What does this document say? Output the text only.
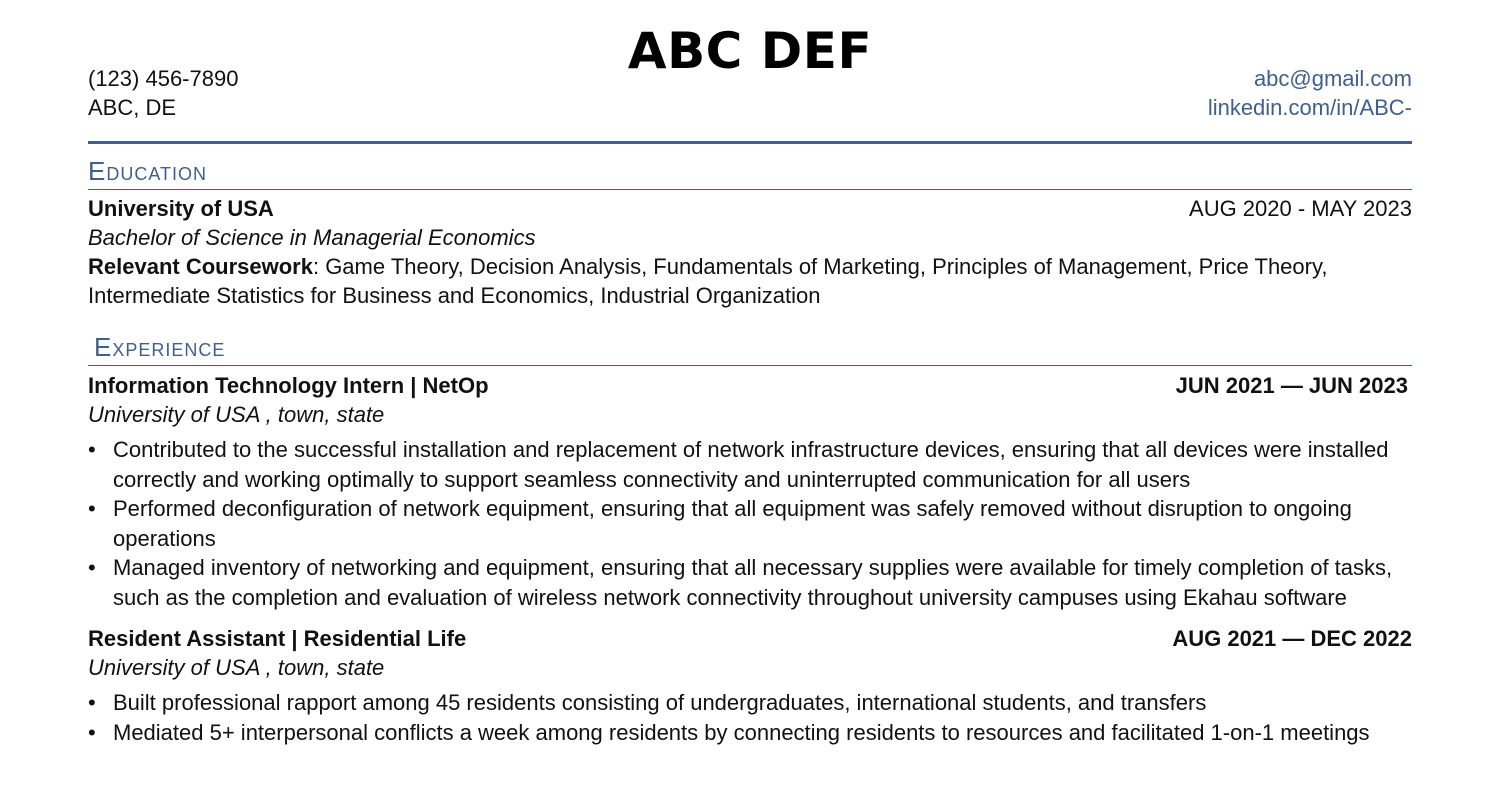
ABC DEF
(123) 456-7890
ABC, DE
abc@gmail.com
linkedin.com/in/ABC-
Education
University of USA	AUG 2020 - MAY 2023
Bachelor of Science in Managerial Economics
Relevant Coursework: Game Theory, Decision Analysis, Fundamentals of Marketing, Principles of Management, Price Theory, Intermediate Statistics for Business and Economics, Industrial Organization
Experience
Information Technology Intern | NetOp	JUN 2021 — JUN 2023
University of USA , town, state
• Contributed to the successful installation and replacement of network infrastructure devices, ensuring that all devices were installed correctly and working optimally to support seamless connectivity and uninterrupted communication for all users
• Performed deconfiguration of network equipment, ensuring that all equipment was safely removed without disruption to ongoing operations
• Managed inventory of networking and equipment, ensuring that all necessary supplies were available for timely completion of tasks, such as the completion and evaluation of wireless network connectivity throughout university campuses using Ekahau software
Resident Assistant | Residential Life	AUG 2021 — DEC 2022
University of USA , town, state
• Built professional rapport among 45 residents consisting of undergraduates, international students, and transfers
• Mediated 5+ interpersonal conflicts a week among residents by connecting residents to resources and facilitated 1-on-1 meetings
